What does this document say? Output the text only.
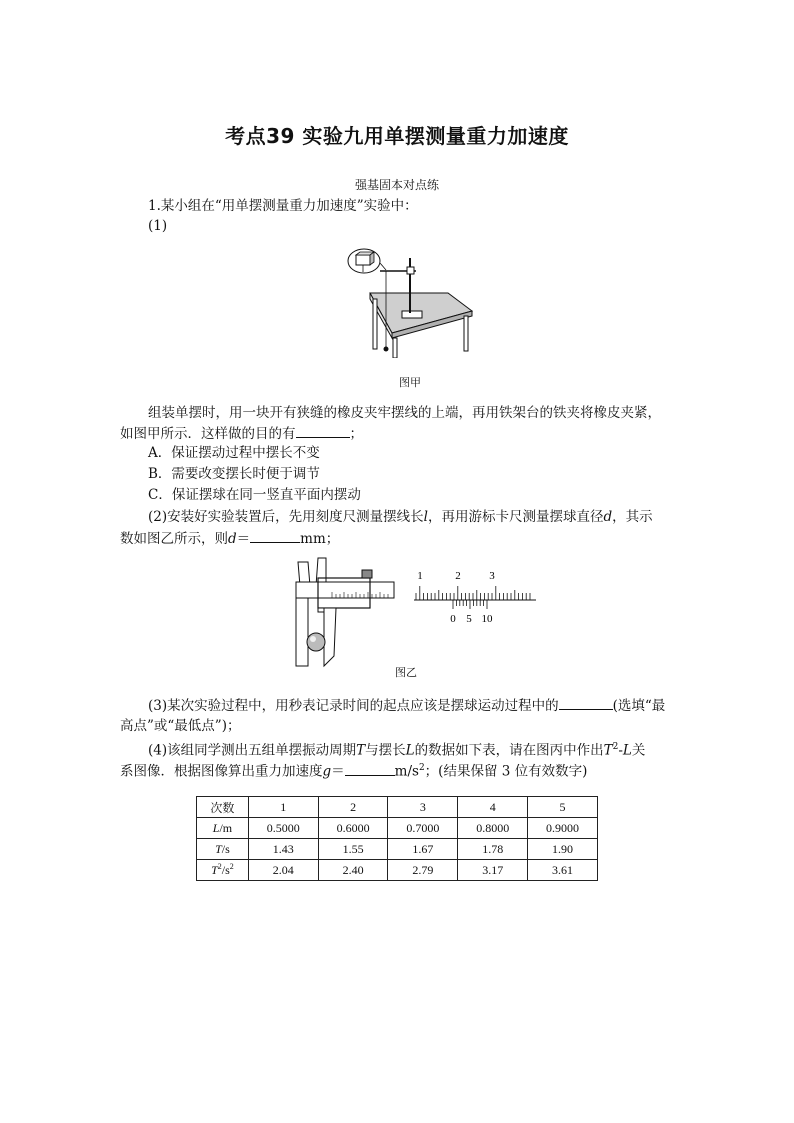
考点39 实验九用单摆测量重力加速度
强基固本对点练
1.某小组在“用单摆测量重力加速度”实验中：
(1)
图甲
组装单摆时，用一块开有狭缝的橡皮夹牢摆线的上端，再用铁架台的铁夹将橡皮夹紧，
如图甲所示．这样做的目的有	；
A．保证摆动过程中摆长不变
B．需要改变摆长时便于调节
C．保证摆球在同一竖直平面内摆动
(2)安装好实验装置后，先用刻度尺测量摆线长l，再用游标卡尺测量摆球直径d，其示
数如图乙所示，则d＝	mm；
1	2	3
0 5 10
图乙
(3)某次实验过程中，用秒表记录时间的起点应该是摆球运动过程中的	(选填“最
高点”或“最低点”)；
(4)该组同学测出五组单摆振动周期T与摆长L的数据如下表，请在图丙中作出$T^2-L$关
系图像．根据图像算出重力加速度g＝	$m/s^2$；(结果保留 3 位有效数字)
次数	1	2	3	4	5
L/m	0.5000	0.6000	0.7000	0.8000	0.9000
T/s	1.43	1.55	1.67	1.78	1.90
$T^2/s^2$	2.04	2.40	2.79	3.17	3.61
